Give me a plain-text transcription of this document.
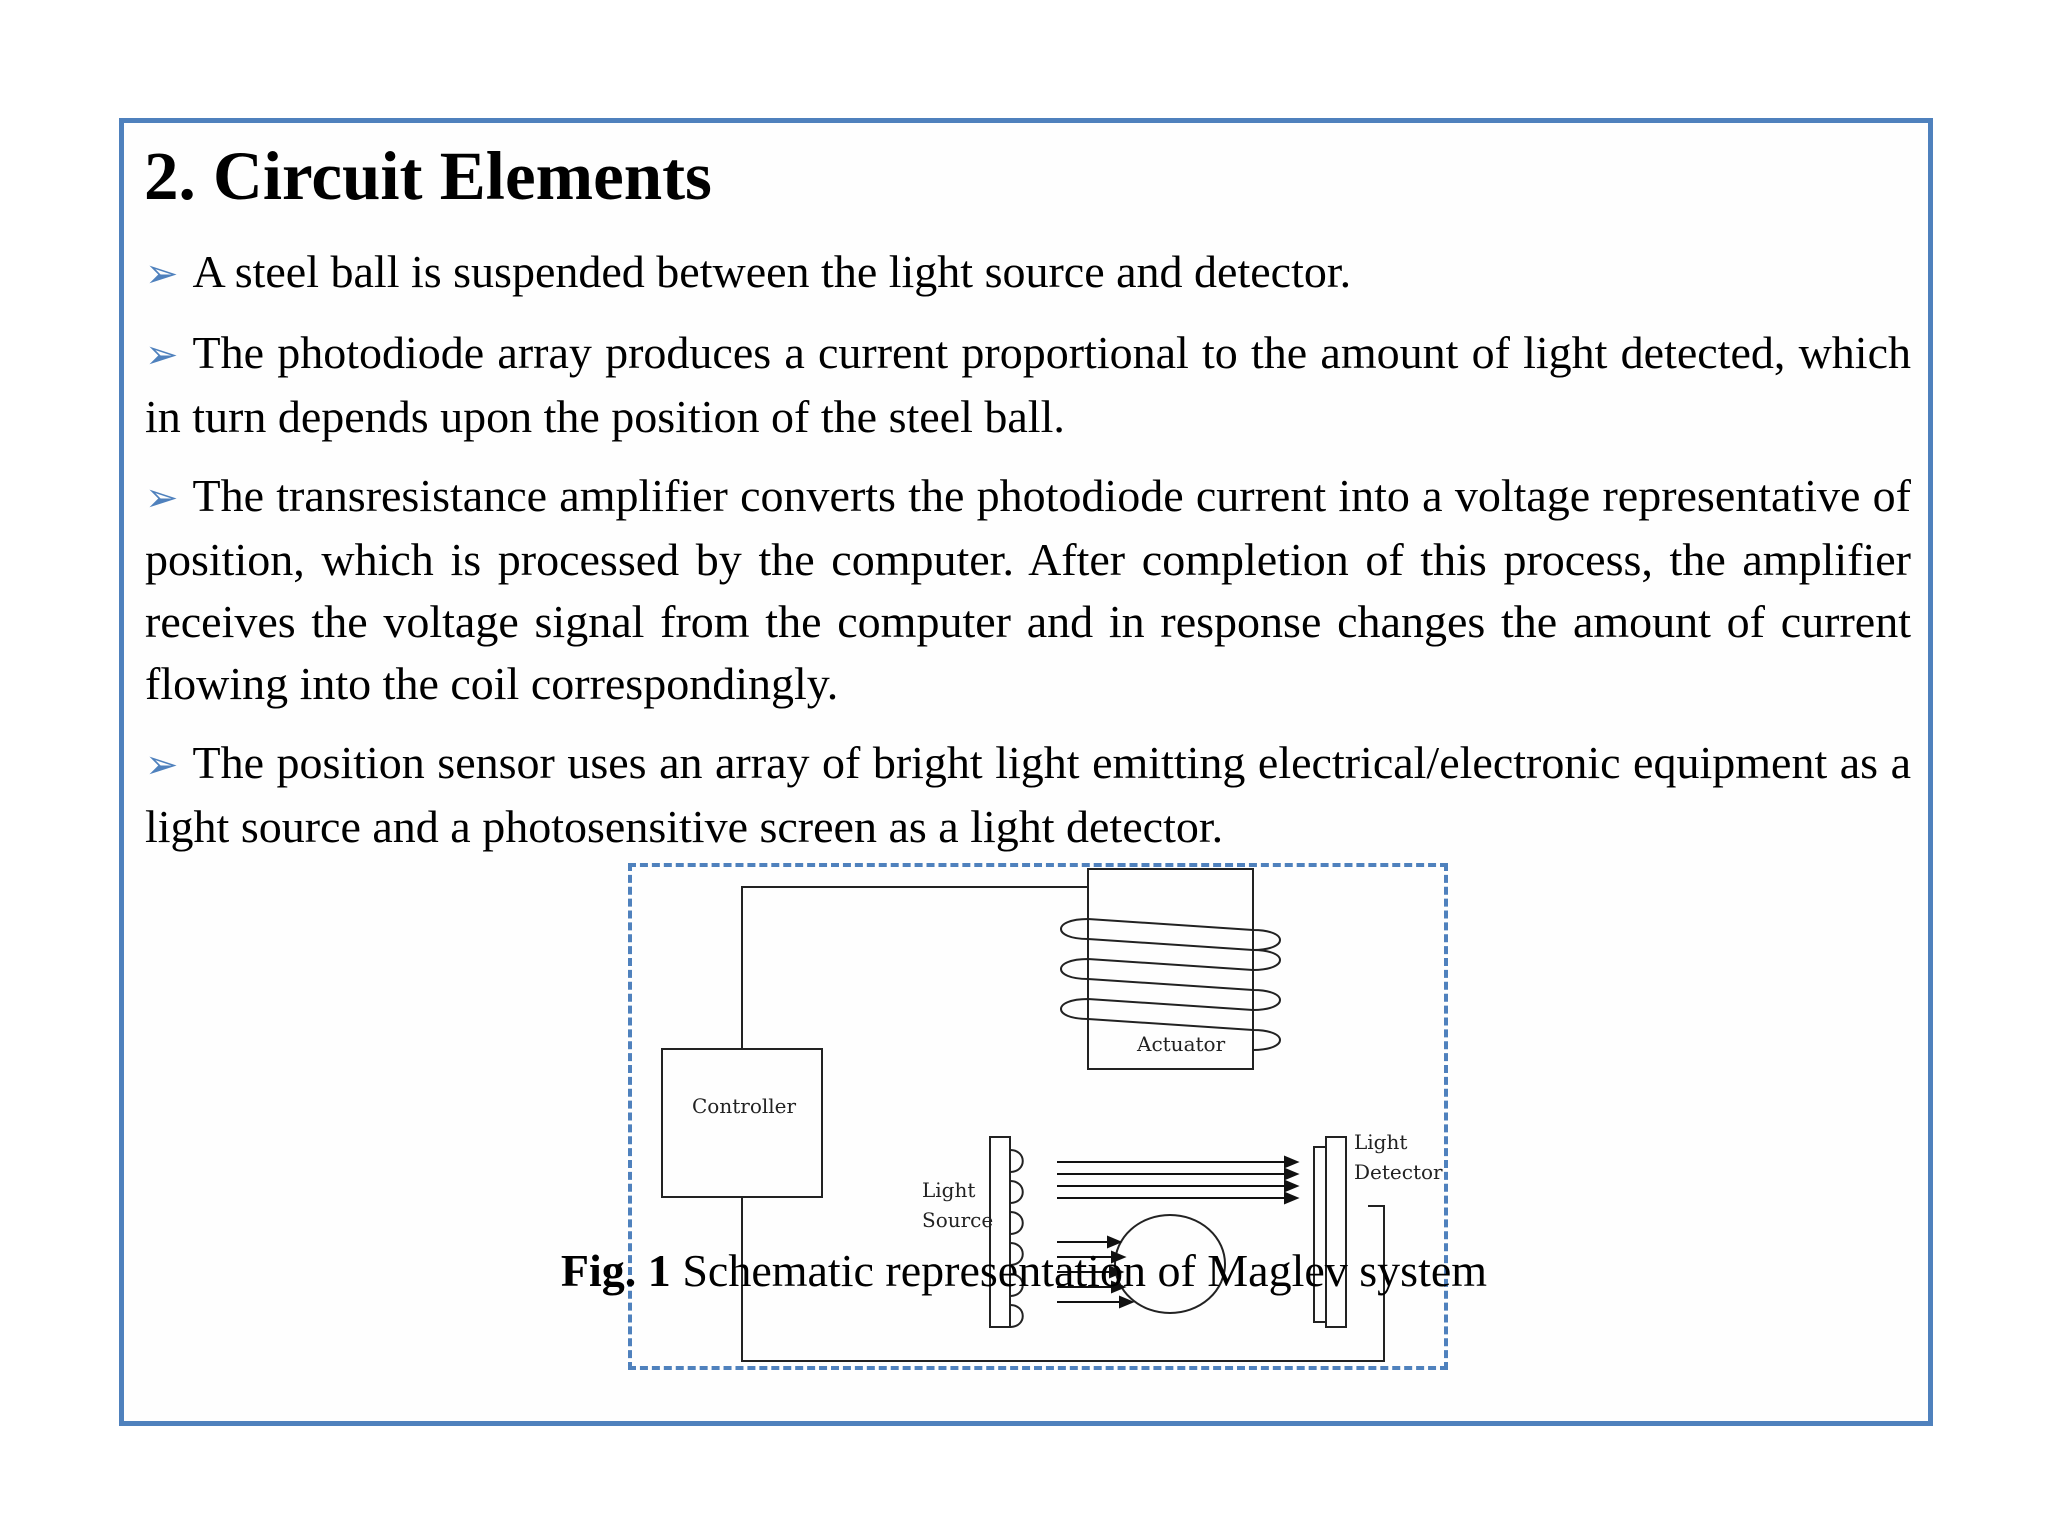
2. Circuit Elements

➢ A steel ball is suspended between the light source and detector.

➢ The photodiode array produces a current proportional to the amount of light detected, which in turn depends upon the position of the steel ball.

➢ The transresistance amplifier converts the photodiode current into a voltage representative of position, which is processed by the computer. After completion of this process, the amplifier receives the voltage signal from the computer and in response changes the amount of current flowing into the coil correspondingly.

➢ The position sensor uses an array of bright light emitting electrical/electronic equipment as a light source and a photosensitive screen as a light detector.

Actuator
Controller
Light
Source
Light
Detector
Fig. 1 Schematic representation of Maglev system
